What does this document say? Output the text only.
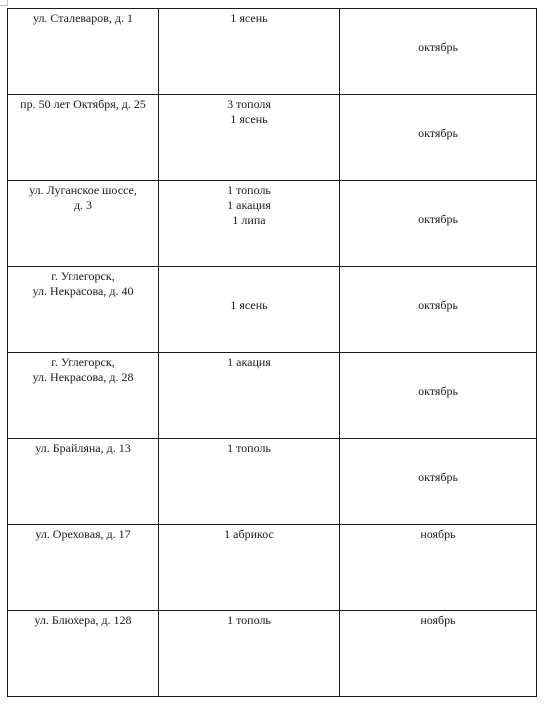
ул. Сталеваров, д. 1	1 ясень	октябрь

пр. 50 лет Октября, д. 25	3 тополя
1 ясень	октябрь

ул. Луганское шоссе,
д. 3	1 тополь
1 акация
1 липа	октябрь

г. Углегорск,
ул. Некрасова, д. 40	1 ясень	октябрь

г. Углегорск,
ул. Некрасова, д. 28	1 акация	октябрь

ул. Брайляна, д. 13	1 тополь	октябрь

ул. Ореховая, д. 17	1 абрикос	ноябрь

ул. Блюхера, д. 128	1 тополь	ноябрь
